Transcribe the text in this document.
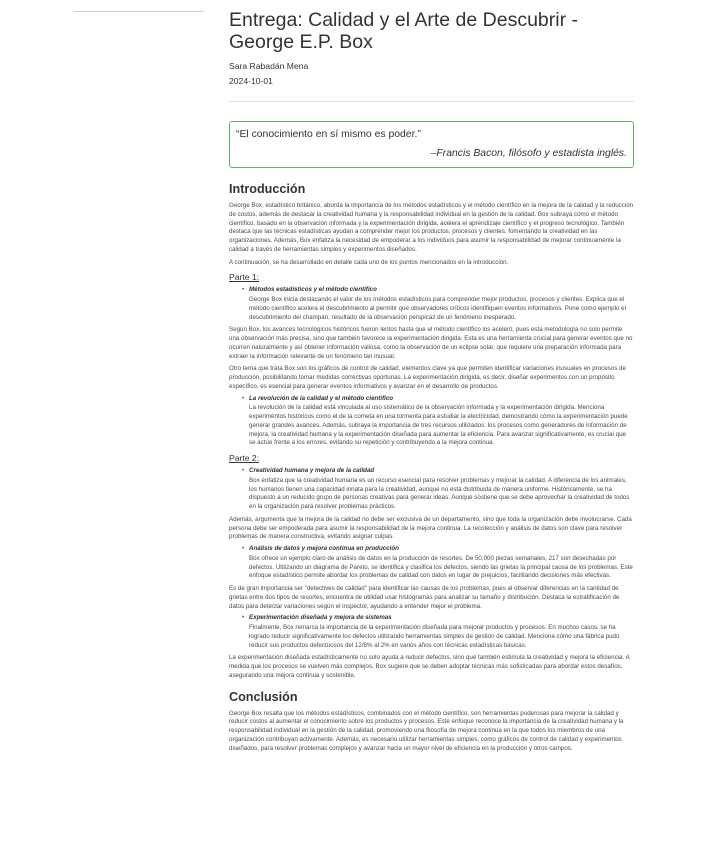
Entrega: Calidad y el Arte de Descubrir - George E.P. Box
Sara Rabadán Mena
2024-10-01
“El conocimiento en sí mismo es poder.”
–Francis Bacon, filósofo y estadista inglés.
Introducción

George Box, estadístico británico, aborda la importancia de los métodos estadísticos y el método científico en la mejora de la calidad y la reducción de costos, además de destacar la creatividad humana y la responsabilidad individual en la gestión de la calidad. Box subraya cómo el método científico, basado en la observación informada y la experimentación dirigida, acelera el aprendizaje científico y el progreso tecnológico. También destaca que las técnicas estadísticas ayudan a comprender mejor los productos, procesos y clientes, fomentando la creatividad en las organizaciones. Además, Box enfatiza la necesidad de empoderar a los individuos para asumir la responsabilidad de mejorar continuamente la calidad a través de herramientas simples y experimentos diseñados.

A continuación, se ha desarrollado en detalle cada uno de los puntos mencionados en la introducción.

Parte 1:
• Métodos estadísticos y el método científico
George Box inicia destacando el valor de los métodos estadísticos para comprender mejor productos, procesos y clientes. Explica que el método científico acelera el descubrimiento al permitir que observadores críticos identifiquen eventos informativos. Pone como ejemplo el descubrimiento del champán, resultado de la observación perspicaz de un fenómeno inesperado.

Según Box, los avances tecnológicos históricos fueron lentos hasta que el método científico los aceleró, pues esta metodología no solo permite una observación más precisa, sino que también favorece la experimentación dirigida. Esta es una herramienta crucial para generar eventos que no ocurren naturalmente y así obtener información valiosa, como la observación de un eclipse solar, que requiere una preparación informada para extraer la información relevante de un fenómeno tan inusual.

Otro tema que trata Box son los gráficos de control de calidad, elementos clave ya que permiten identificar variaciones inusuales en procesos de producción, posibilitando tomar medidas correctivas oportunas. La experimentación dirigida, es decir, diseñar experimentos con un propósito específico, es esencial para generar eventos informativos y avanzar en el desarrollo de productos.

• La revolución de la calidad y el método científico
La revolución de la calidad está vinculada al uso sistemático de la observación informada y la experimentación dirigida. Menciona experimentos históricos como el de la cometa en una tormenta para estudiar la electricidad, demostrando cómo la experimentación puede generar grandes avances. Además, subraya la importancia de tres recursos utilizados: los procesos como generadores de información de mejora, la creatividad humana y la experimentación diseñada para aumentar la eficiencia. Para avanzar significativamente, es crucial que se actúe frente a los errores, evitando su repetición y contribuyendo a la mejora continua.
Parte 2:
• Creatividad humana y mejora de la calidad
Box enfatiza que la creatividad humana es un recurso esencial para resolver problemas y mejorar la calidad. A diferencia de los animales, los humanos tienen una capacidad innata para la creatividad, aunque no está distribuida de manera uniforme. Históricamente, se ha dispuesto a un reducido grupo de personas creativas para generar ideas. Aunque sostiene que se debe aprovechar la creatividad de todos en la organización para resolver problemas prácticos.

Además, argumenta que la mejora de la calidad no debe ser exclusiva de un departamento, sino que toda la organización debe involucrarse. Cada persona debe ser empoderada para asumir la responsabilidad de la mejora continua. La recolección y análisis de datos son clave para resolver problemas de manera constructiva, evitando asignar culpas.

• Análisis de datos y mejora continua en producción
Box ofrece un ejemplo claro de análisis de datos en la producción de resortes. De 50,000 piezas semanales, 217 son desechadas por defectos. Utilizando un diagrama de Pareto, se identifica y clasifica los defectos, siendo las grietas la principal causa de los problemas. Este enfoque estadístico permite abordar los problemas de calidad con datos en lugar de prejuicios, facilitando decisiones más efectivas.

Es de gran importancia ser "detectives de calidad" para identificar las causas de los problemas, pues al observar diferencias en la cantidad de grietas entre dos tipos de resortes, encuentra de utilidad usar histogramas para analizar su tamaño y distribución. Destaca la estratificación de datos para detectar variaciones según el inspector, ayudando a entender mejor el problema.

• Experimentación diseñada y mejora de sistemas
Finalmente, Box remarca la importancia de la experimentación diseñada para mejorar productos y procesos. En muchos casos, se ha logrado reducir significativamente los defectos utilizando herramientas simples de gestión de calidad. Menciona cómo una fábrica pudo reducir sus productos defectuosos del 12/8% al 2% en varios años con técnicas estadísticas básicas.

La experimentación diseñada estadísticamente no solo ayuda a reducir defectos, sino que también estimula la creatividad y mejora la eficiencia. A medida que los procesos se vuelven más complejos, Box sugiere que se deben adoptar técnicas más sofisticadas para abordar estos desafíos, asegurando una mejora continua y sostenible.

Conclusión

George Box resalta que los métodos estadísticos, combinados con el método científico, son herramientas poderosas para mejorar la calidad y reducir costos al aumentar el conocimiento sobre los productos y procesos. Este enfoque reconoce la importancia de la creatividad humana y la responsabilidad individual en la gestión de la calidad, promoviendo una filosofía de mejora continua en la que todos los miembros de una organización contribuyan activamente. Además, es necesario utilizar herramientas simples, como gráficos de control de calidad y experimentos diseñados, para resolver problemas complejos y avanzar hacia un mayor nivel de eficiencia en la producción y otros campos.
